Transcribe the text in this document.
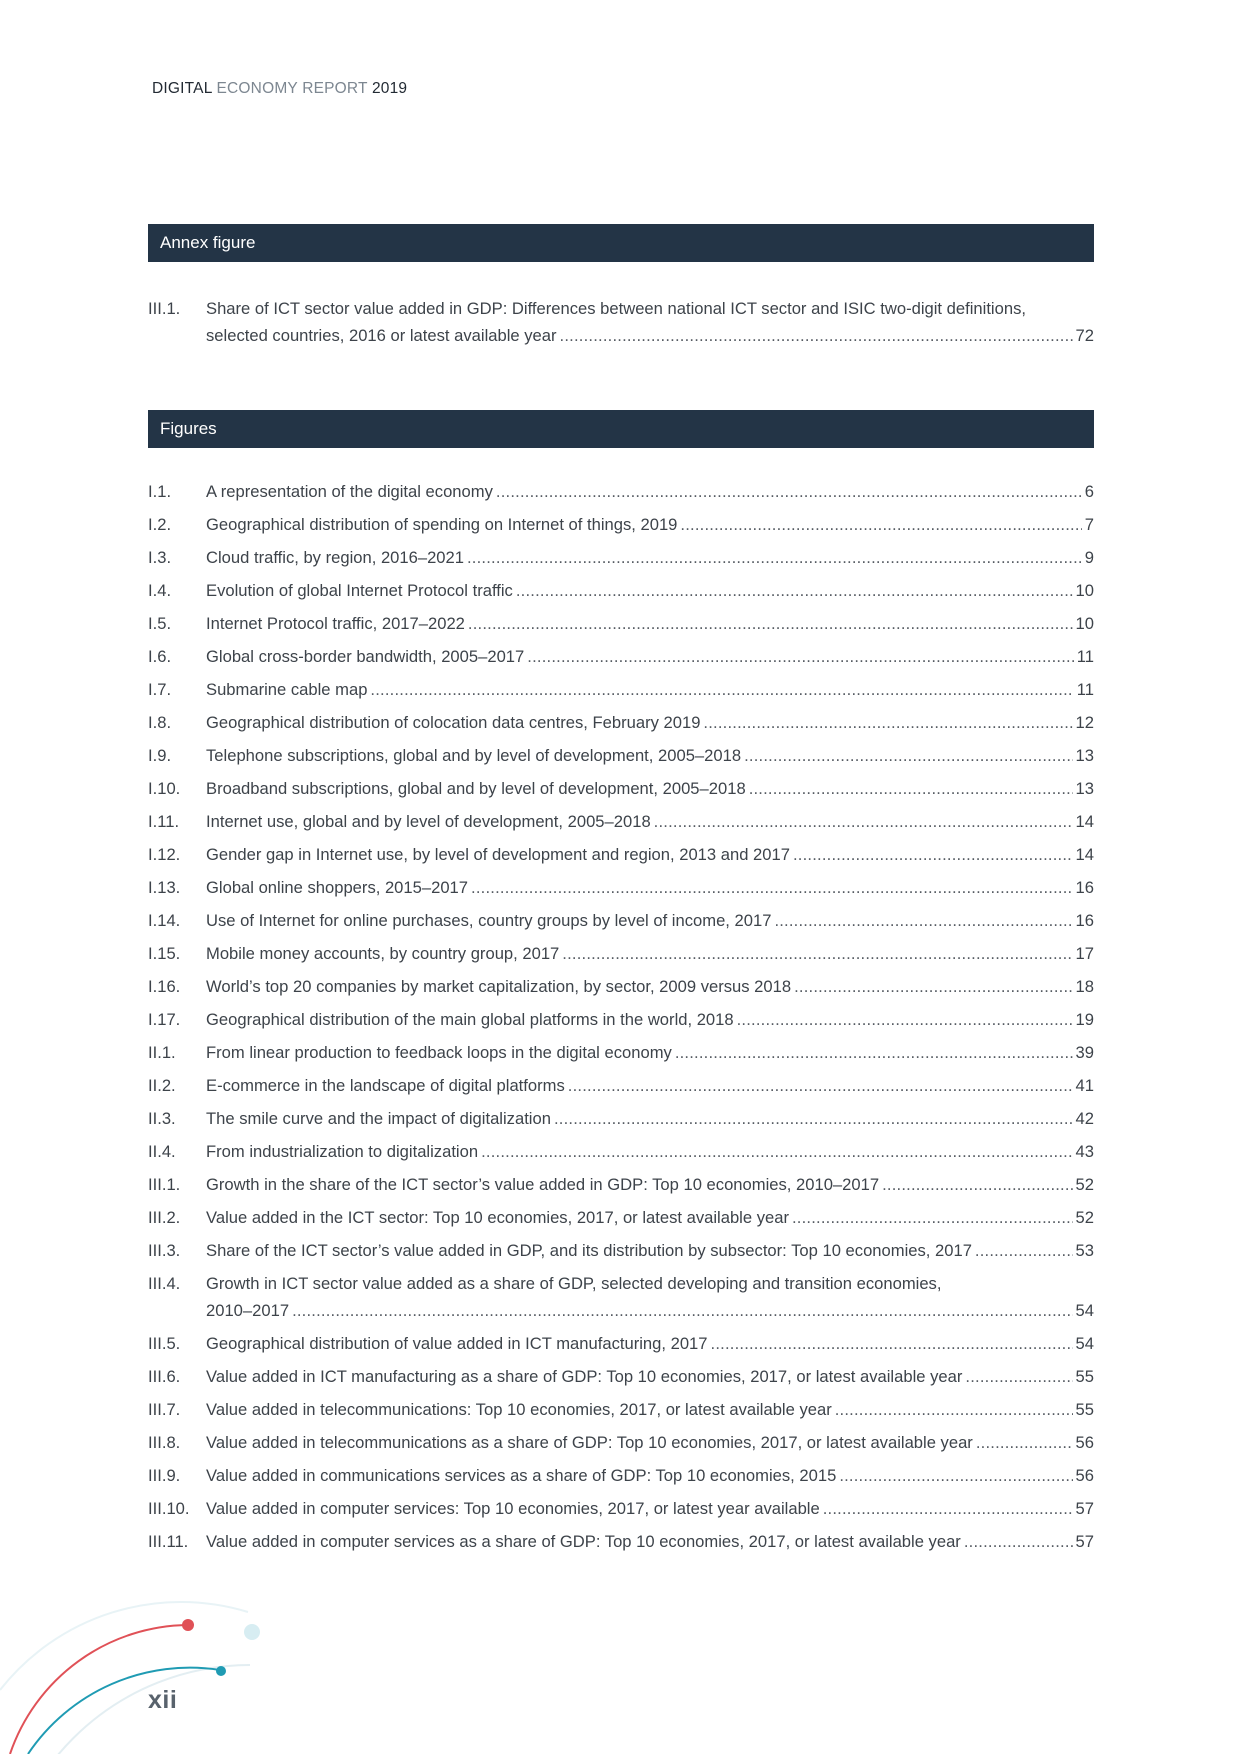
DIGITAL ECONOMY REPORT 2019
Annex figure
III.1.	Share of ICT sector value added in GDP: Differences between national ICT sector and ISIC two-digit definitions,
selected countries, 2016 or latest available year .....	72
Figures
I.1.	A representation of the digital economy .....	6
I.2.	Geographical distribution of spending on Internet of things, 2019 .....	7
I.3.	Cloud traffic, by region, 2016–2021 .....	9
I.4.	Evolution of global Internet Protocol traffic .....	10
I.5.	Internet Protocol traffic, 2017–2022 .....	10
I.6.	Global cross-border bandwidth, 2005–2017 .....	11
I.7.	Submarine cable map .....	11
I.8.	Geographical distribution of colocation data centres, February 2019 .....	12
I.9.	Telephone subscriptions, global and by level of development, 2005–2018 .....	13
I.10.	Broadband subscriptions, global and by level of development, 2005–2018 .....	13
I.11.	Internet use, global and by level of development, 2005–2018 .....	14
I.12.	Gender gap in Internet use, by level of development and region, 2013 and 2017 .....	14
I.13.	Global online shoppers, 2015–2017 .....	16
I.14.	Use of Internet for online purchases, country groups by level of income, 2017 .....	16
I.15.	Mobile money accounts, by country group, 2017 .....	17
I.16.	World’s top 20 companies by market capitalization, by sector, 2009 versus 2018 .....	18
I.17.	Geographical distribution of the main global platforms in the world, 2018 .....	19
II.1.	From linear production to feedback loops in the digital economy .....	39
II.2.	E-commerce in the landscape of digital platforms .....	41
II.3.	The smile curve and the impact of digitalization .....	42
II.4.	From industrialization to digitalization .....	43
III.1.	Growth in the share of the ICT sector’s value added in GDP: Top 10 economies, 2010–2017 .....	52
III.2.	Value added in the ICT sector: Top 10 economies, 2017, or latest available year .....	52
III.3.	Share of the ICT sector’s value added in GDP, and its distribution by subsector: Top 10 economies, 2017 .....	53
III.4.	Growth in ICT sector value added as a share of GDP, selected developing and transition economies,
2010–2017 .....	54
III.5.	Geographical distribution of value added in ICT manufacturing, 2017 .....	54
III.6.	Value added in ICT manufacturing as a share of GDP: Top 10 economies, 2017, or latest available year .....	55
III.7.	Value added in telecommunications: Top 10 economies, 2017, or latest available year .....	55
III.8.	Value added in telecommunications as a share of GDP: Top 10 economies, 2017, or latest available year .....	56
III.9.	Value added in communications services as a share of GDP: Top 10 economies, 2015 .....	56
III.10. Value added in computer services: Top 10 economies, 2017, or latest year available .....	57
III.11.	Value added in computer services as a share of GDP: Top 10 economies, 2017, or latest available year .....	57
xii
